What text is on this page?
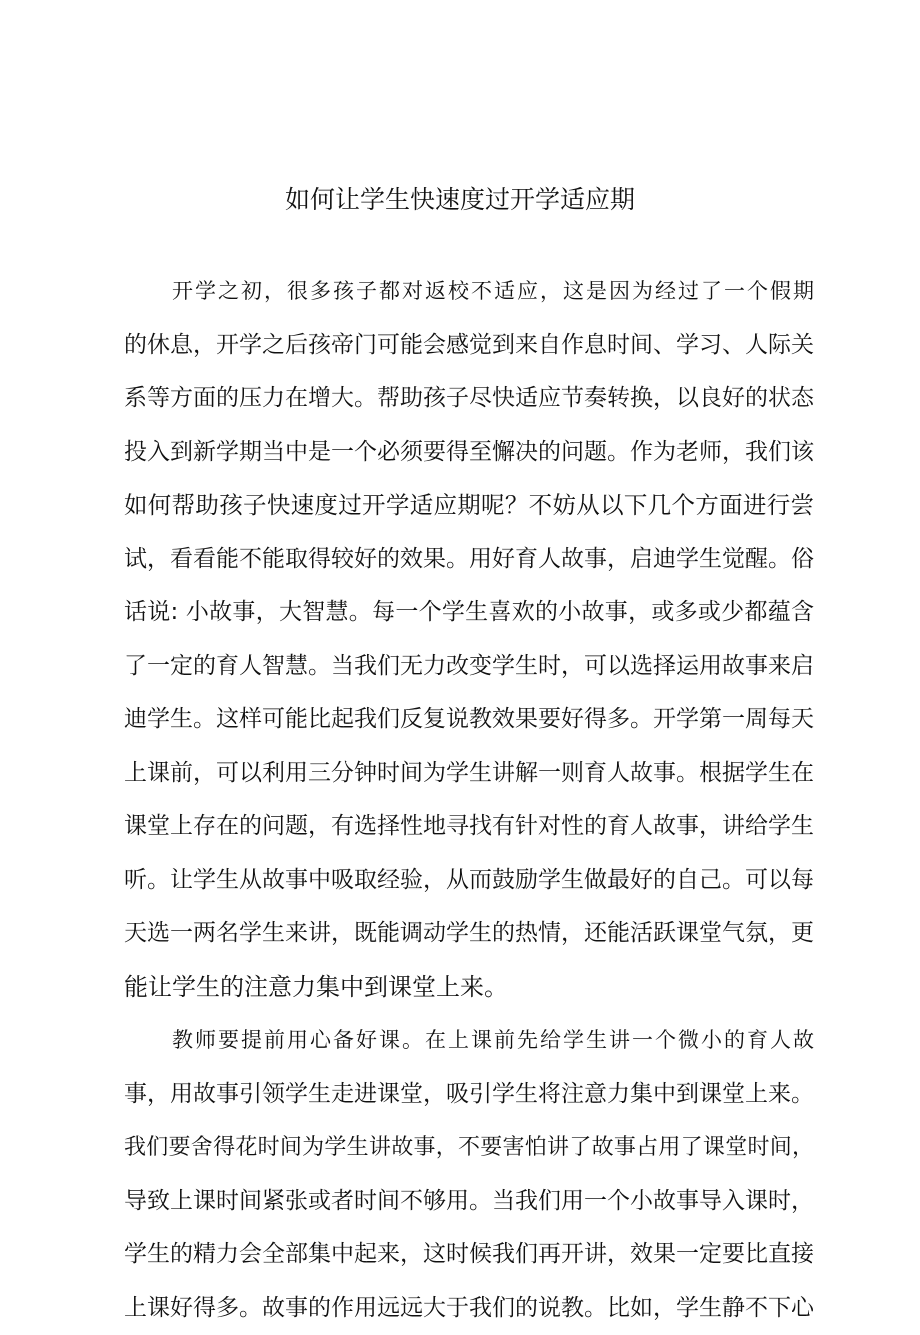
如何让学生快速度过开学适应期
开学之初，很多孩子都对返校不适应，这是因为经过了一个假期
的休息，开学之后孩帝门可能会感觉到来自作息时间、学习、人际关
系等方面的压力在增大。帮助孩子尽快适应节奏转换，以良好的状态
投入到新学期当中是一个必须要得至懈决的问题。作为老师，我们该
如何帮助孩子快速度过开学适应期呢？不妨从以下几个方面进行尝
试，看看能不能取得较好的效果。用好育人故事，启迪学生觉醒。俗
话说: 小故事，大智慧。每一个学生喜欢的小故事，或多或少都蕴含
了一定的育人智慧。当我们无力改变学生时，可以选择运用故事来启
迪学生。这样可能比起我们反复说教效果要好得多。开学第一周每天
上课前，可以利用三分钟时间为学生讲解一则育人故事。根据学生在
课堂上存在的问题，有选择性地寻找有针对性的育人故事，讲给学生
听。让学生从故事中吸取经验，从而鼓励学生做最好的自己。可以每
天选一两名学生来讲，既能调动学生的热情，还能活跃课堂气氛，更
能让学生的注意力集中到课堂上来。
教师要提前用心备好课。在上课前先给学生讲一个微小的育人故
事，用故事引领学生走进课堂，吸引学生将注意力集中到课堂上来。
我们要舍得花时间为学生讲故事，不要害怕讲了故事占用了课堂时间，
导致上课时间紧张或者时间不够用。当我们用一个小故事导入课时，
学生的精力会全部集中起来，这时候我们再开讲，效果一定要比直接
上课好得多。故事的作用远远大于我们的说教。比如，学生静不下心
